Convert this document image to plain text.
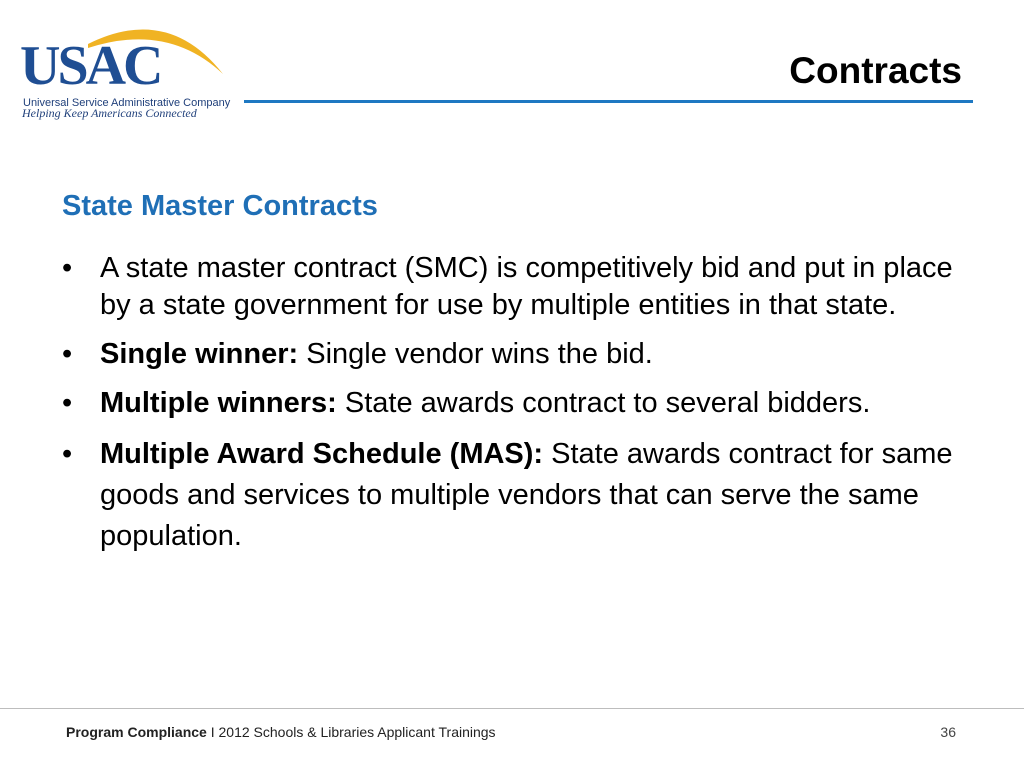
USAC
Universal Service Administrative Company
Helping Keep Americans Connected
Contracts
State Master Contracts
• A state master contract (SMC) is competitively bid and put in place by a state government for use by multiple entities in that state.
• Single winner: Single vendor wins the bid.
• Multiple winners: State awards contract to several bidders.
• Multiple Award Schedule (MAS): State awards contract for same goods and services to multiple vendors that can serve the same population.
Program Compliance I 2012 Schools & Libraries Applicant Trainings	36
